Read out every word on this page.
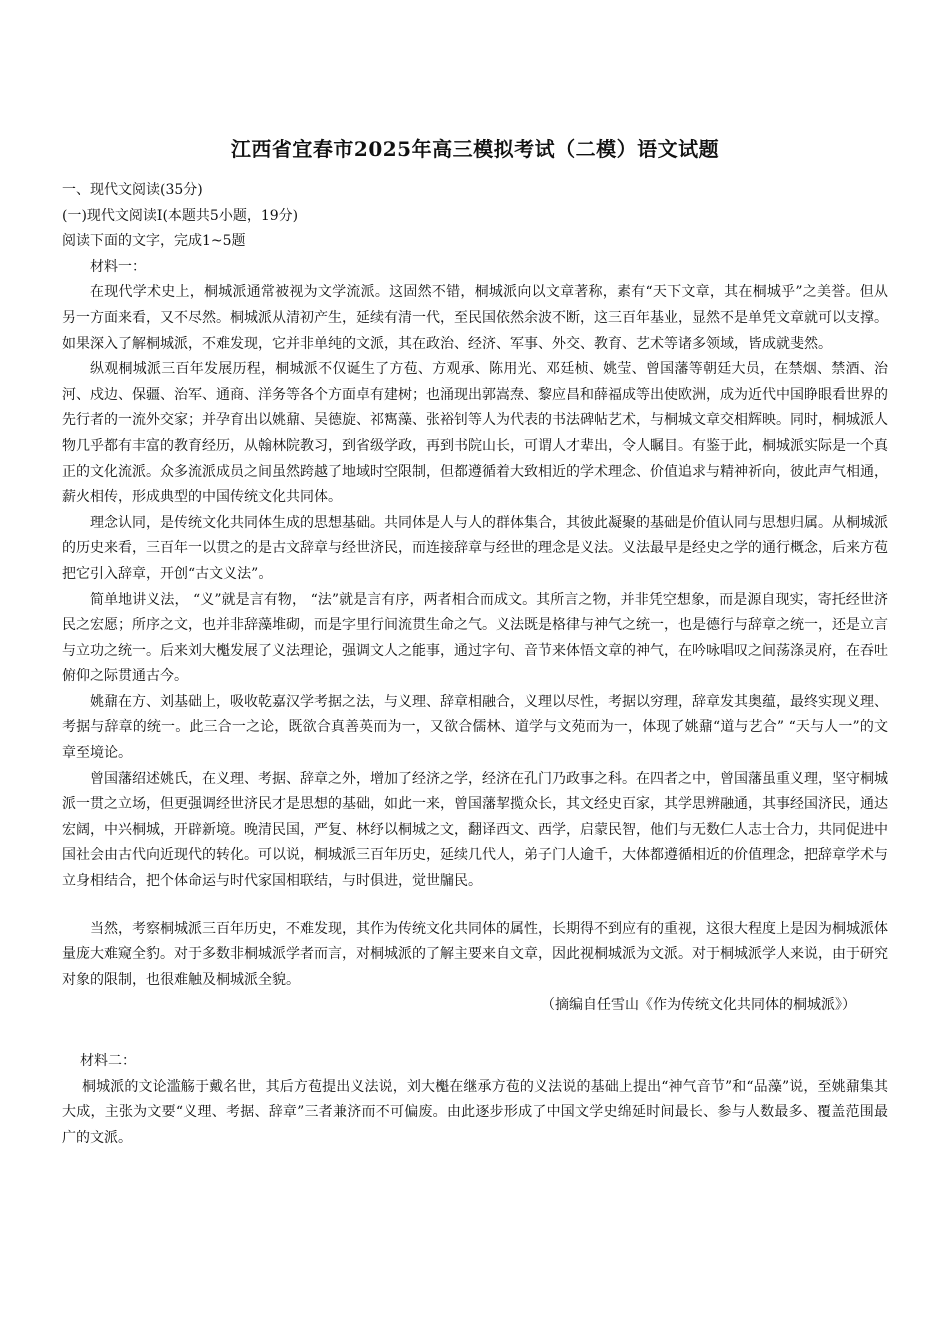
江西省宜春市2025年高三模拟考试（二模）语文试题

一、现代文阅读(35分)

(一)现代文阅读Ⅰ(本题共5小题，19分)

阅读下面的文字，完成1~5题

材料一：

在现代学术史上，桐城派通常被视为文学流派。这固然不错，桐城派向以文章著称，素有“天下文章，其在桐城乎”之美誉。但从另一方面来看，又不尽然。桐城派从清初产生，延续有清一代，至民国依然余波不断，这三百年基业，显然不是单凭文章就可以支撑。如果深入了解桐城派，不难发现，它并非单纯的文派，其在政治、经济、军事、外交、教育、艺术等诸多领域，皆成就斐然。

纵观桐城派三百年发展历程，桐城派不仅诞生了方苞、方观承、陈用光、邓廷桢、姚莹、曾国藩等朝廷大员，在禁烟、禁酒、治河、戍边、保疆、治军、通商、洋务等各个方面卓有建树；也涌现出郭嵩焘、黎应昌和薛福成等出使欧洲，成为近代中国睁眼看世界的先行者的一流外交家；并孕育出以姚鼐、吴德旋、祁寯藻、张裕钊等人为代表的书法碑帖艺术，与桐城文章交相辉映。同时，桐城派人物几乎都有丰富的教育经历，从翰林院教习，到省级学政，再到书院山长，可谓人才辈出，令人瞩目。有鉴于此，桐城派实际是一个真正的文化流派。众多流派成员之间虽然跨越了地域时空限制，但都遵循着大致相近的学术理念、价值追求与精神祈向，彼此声气相通，薪火相传，形成典型的中国传统文化共同体。

理念认同，是传统文化共同体生成的思想基础。共同体是人与人的群体集合，其彼此凝聚的基础是价值认同与思想归属。从桐城派的历史来看，三百年一以贯之的是古文辞章与经世济民，而连接辞章与经世的理念是义法。义法最早是经史之学的通行概念，后来方苞把它引入辞章，开创“古文义法”。

简单地讲义法， “义”就是言有物， “法”就是言有序，两者相合而成文。其所言之物，并非凭空想象，而是源自现实，寄托经世济民之宏愿；所序之文，也并非辞藻堆砌，而是字里行间流贯生命之气。义法既是格律与神气之统一，也是德行与辞章之统一，还是立言与立功之统一。后来刘大櫆发展了义法理论，强调文人之能事，通过字句、音节来体悟文章的神气，在吟咏唱叹之间荡涤灵府，在吞吐俯仰之际贯通古今。

姚鼐在方、刘基础上，吸收乾嘉汉学考据之法，与义理、辞章相融合，义理以尽性，考据以穷理，辞章发其奥蕴，最终实现义理、考据与辞章的统一。此三合一之论，既欲合真善英而为一，又欲合儒林、道学与文苑而为一，体现了姚鼐“道与艺合” “天与人一”的文章至境论。

曾国藩绍述姚氏，在义理、考据、辞章之外，增加了经济之学，经济在孔门乃政事之科。在四者之中，曾国藩虽重义理，坚守桐城派一贯之立场，但更强调经世济民才是思想的基础，如此一来，曾国藩挈揽众长，其文经史百家，其学思辨融通，其事经国济民，通达宏阔，中兴桐城，开辟新境。晚清民国，严复、林纾以桐城之文，翻译西文、西学，启蒙民智，他们与无数仁人志士合力，共同促进中国社会由古代向近现代的转化。可以说，桐城派三百年历史，延续几代人，弟子门人逾千，大体都遵循相近的价值理念，把辞章学术与立身相结合，把个体命运与时代家国相联结，与时俱进，觉世牖民。

当然，考察桐城派三百年历史，不难发现，其作为传统文化共同体的属性，长期得不到应有的重视，这很大程度上是因为桐城派体量庞大难窥全豹。对于多数非桐城派学者而言，对桐城派的了解主要来自文章，因此视桐城派为文派。对于桐城派学人来说，由于研究对象的限制，也很难触及桐城派全貌。

（摘编自任雪山《作为传统文化共同体的桐城派》）

材料二：

桐城派的文论滥觞于戴名世，其后方苞提出义法说，刘大櫆在继承方苞的义法说的基础上提出“神气音节”和“品藻”说，至姚鼐集其大成，主张为文要“义理、考据、辞章”三者兼济而不可偏废。由此逐步形成了中国文学史绵延时间最长、参与人数最多、覆盖范围最广的文派。
